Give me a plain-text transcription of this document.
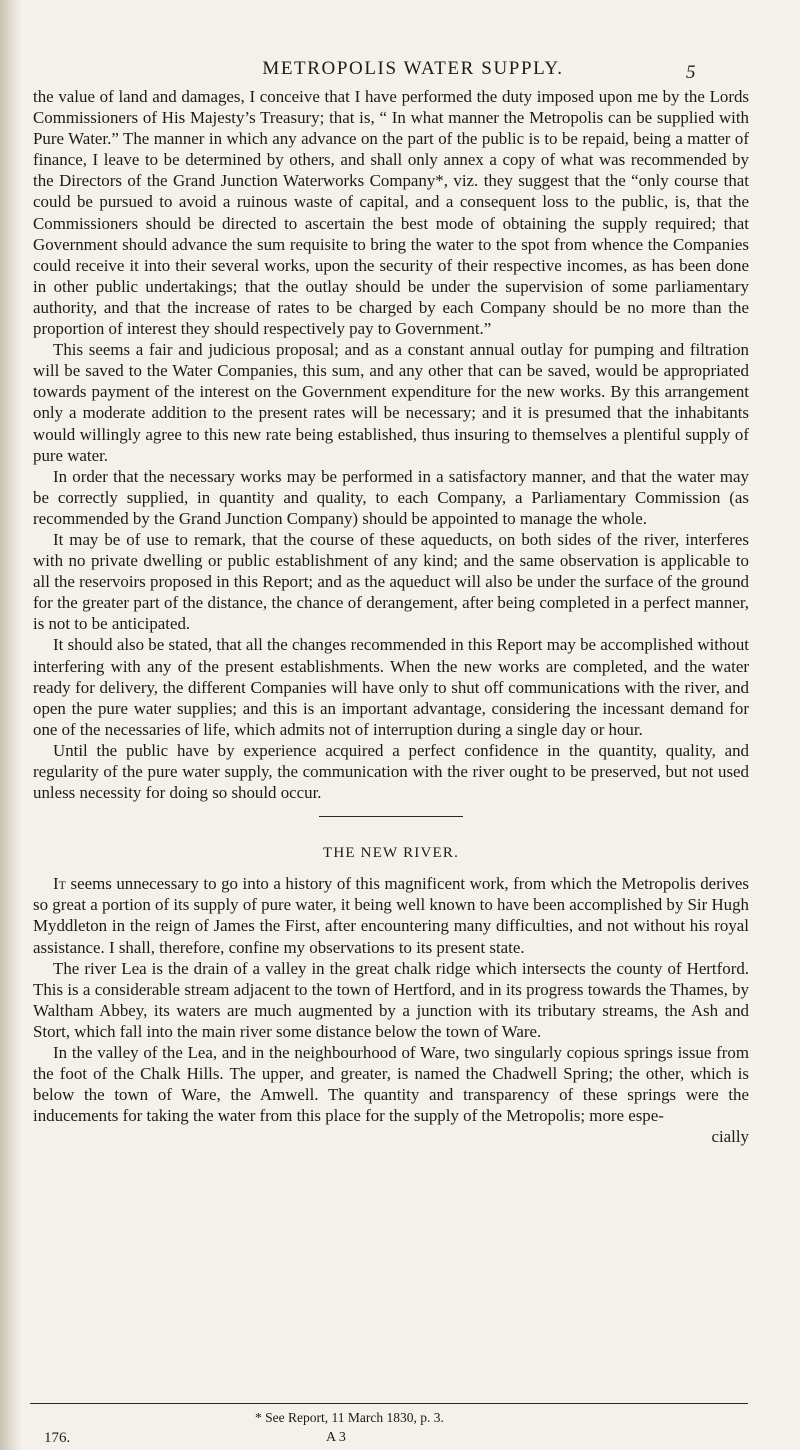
METROPOLIS WATER SUPPLY.	5

the value of land and damages, I conceive that I have performed the duty imposed upon me by the Lords Commissioners of His Majesty’s Treasury; that is, “ In what manner the Metropolis can be supplied with Pure Water.” The manner in which any advance on the part of the public is to be repaid, being a matter of finance, I leave to be determined by others, and shall only annex a copy of what was recommended by the Directors of the Grand Junction Waterworks Company*, viz. they suggest that the “only course that could be pursued to avoid a ruinous waste of capital, and a consequent loss to the public, is, that the Commissioners should be directed to ascertain the best mode of obtaining the supply required; that Government should advance the sum requisite to bring the water to the spot from whence the Companies could receive it into their several works, upon the security of their respective incomes, as has been done in other public undertakings; that the outlay should be under the supervision of some parliamentary authority, and that the increase of rates to be charged by each Company should be no more than the proportion of interest they should respectively pay to Government.”

This seems a fair and judicious proposal; and as a constant annual outlay for pumping and filtration will be saved to the Water Companies, this sum, and any other that can be saved, would be appropriated towards payment of the interest on the Government expenditure for the new works. By this arrangement only a moderate addition to the present rates will be necessary; and it is presumed that the inhabitants would willingly agree to this new rate being established, thus insuring to themselves a plentiful supply of pure water.

In order that the necessary works may be performed in a satisfactory manner, and that the water may be correctly supplied, in quantity and quality, to each Company, a Parliamentary Commission (as recommended by the Grand Junction Company) should be appointed to manage the whole.

It may be of use to remark, that the course of these aqueducts, on both sides of the river, interferes with no private dwelling or public establishment of any kind; and the same observation is applicable to all the reservoirs proposed in this Report; and as the aqueduct will also be under the surface of the ground for the greater part of the distance, the chance of derangement, after being completed in a perfect manner, is not to be anticipated.

It should also be stated, that all the changes recommended in this Report may be accomplished without interfering with any of the present establishments. When the new works are completed, and the water ready for delivery, the different Companies will have only to shut off communications with the river, and open the pure water supplies; and this is an important advantage, considering the incessant demand for one of the necessaries of life, which admits not of interruption during a single day or hour.

Until the public have by experience acquired a perfect confidence in the quantity, quality, and regularity of the pure water supply, the communication with the river ought to be preserved, but not used unless necessity for doing so should occur.

THE NEW RIVER.

It seems unnecessary to go into a history of this magnificent work, from which the Metropolis derives so great a portion of its supply of pure water, it being well known to have been accomplished by Sir Hugh Myddleton in the reign of James the First, after encountering many difficulties, and not without his royal assistance. I shall, therefore, confine my observations to its present state.

The river Lea is the drain of a valley in the great chalk ridge which intersects the county of Hertford. This is a considerable stream adjacent to the town of Hertford, and in its progress towards the Thames, by Waltham Abbey, its waters are much augmented by a junction with its tributary streams, the Ash and Stort, which fall into the main river some distance below the town of Ware.

In the valley of the Lea, and in the neighbourhood of Ware, two singularly copious springs issue from the foot of the Chalk Hills. The upper, and greater, is named the Chadwell Spring; the other, which is below the town of Ware, the Amwell. The quantity and transparency of these springs were the inducements for taking the water from this place for the supply of the Metropolis; more espe-

cially
* See Report, 11 March 1830, p. 3.
176.	A 3
